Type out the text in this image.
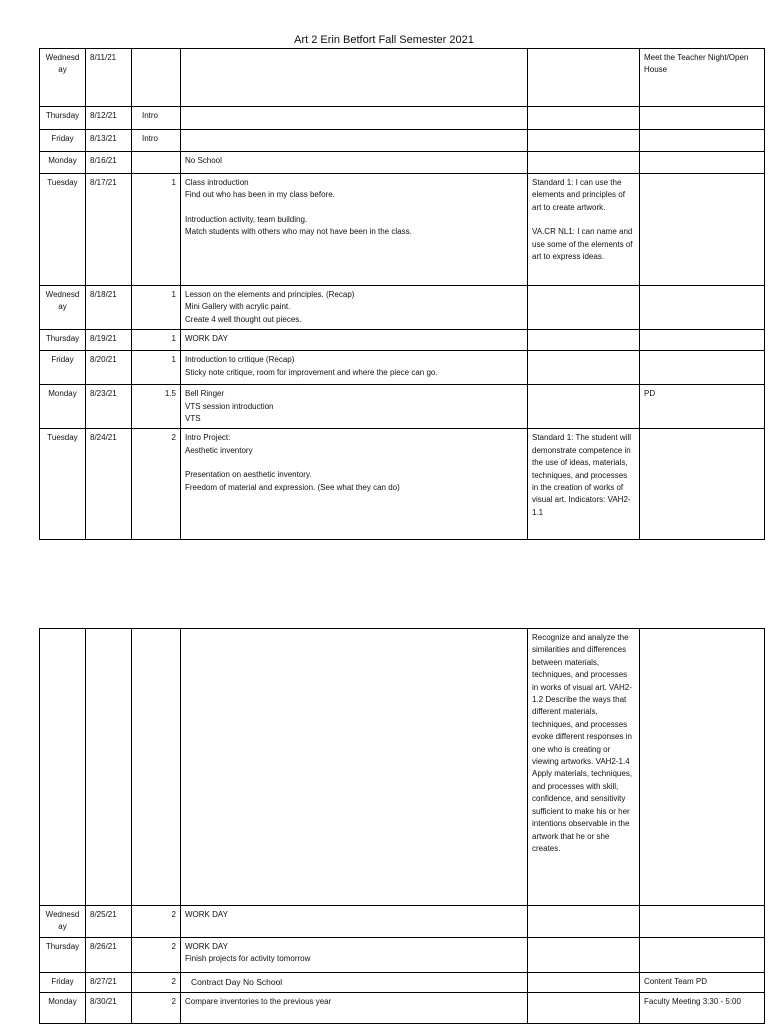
Art 2 Erin Betfort Fall Semester 2021
Wednesday	8/11/21				Meet the Teacher Night/Open House
Thursday	8/12/21	Intro			
Friday	8/13/21	Intro			
Monday	8/16/21		No School		

Tuesday	8/17/21	1	Class introduction
Find out who has been in my class before.
Introduction activity, team building.
Match students with others who may not have been in the class.	Standard 1: I can use the elements and principles of art to create artwork.
VA.CR NL1: I can name and use some of the elements of art to express ideas.	

Wednesday	8/18/21	1	Lesson on the elements and principles. (Recap)
Mini Gallery with acrylic paint.
Create 4 well thought out pieces.		

Thursday	8/19/21	1	WORK DAY		

Friday	8/20/21	1	Introduction to critique (Recap)
Sticky note critique, room for improvement and where the piece can go.		

Monday	8/23/21	1.5	Bell Ringer
VTS session introduction
VTS		PD
Tuesday	8/24/21	2	Intro Project:
Aesthetic inventory
Presentation on aesthetic inventory.
Freedom of material and expression. (See what they can do)	Standard 1: The student will demonstrate competence in the use of ideas, materials, techniques, and processes in the creation of works of visual art. Indicators: VAH2-1.1	

				Recognize and analyze the similarities and differences between materials, techniques, and processes in works of visual art. VAH2-1.2 Describe the ways that different materials, techniques, and processes evoke different responses in one who is creating or viewing artworks. VAH2-1.4 Apply materials, techniques, and processes with skill, confidence, and sensitivity sufficient to make his or her intentions observable in the artwork that he or she creates.	

Wednesday	8/25/21	2	WORK DAY		

Thursday	8/26/21	2	WORK DAY
Finish projects for activity tomorrow		

Friday	8/27/21	2	Contract Day No School		Content Team PD
Monday	8/30/21	2	Compare inventories to the previous year		Faculty Meeting 3:30 - 5:00
